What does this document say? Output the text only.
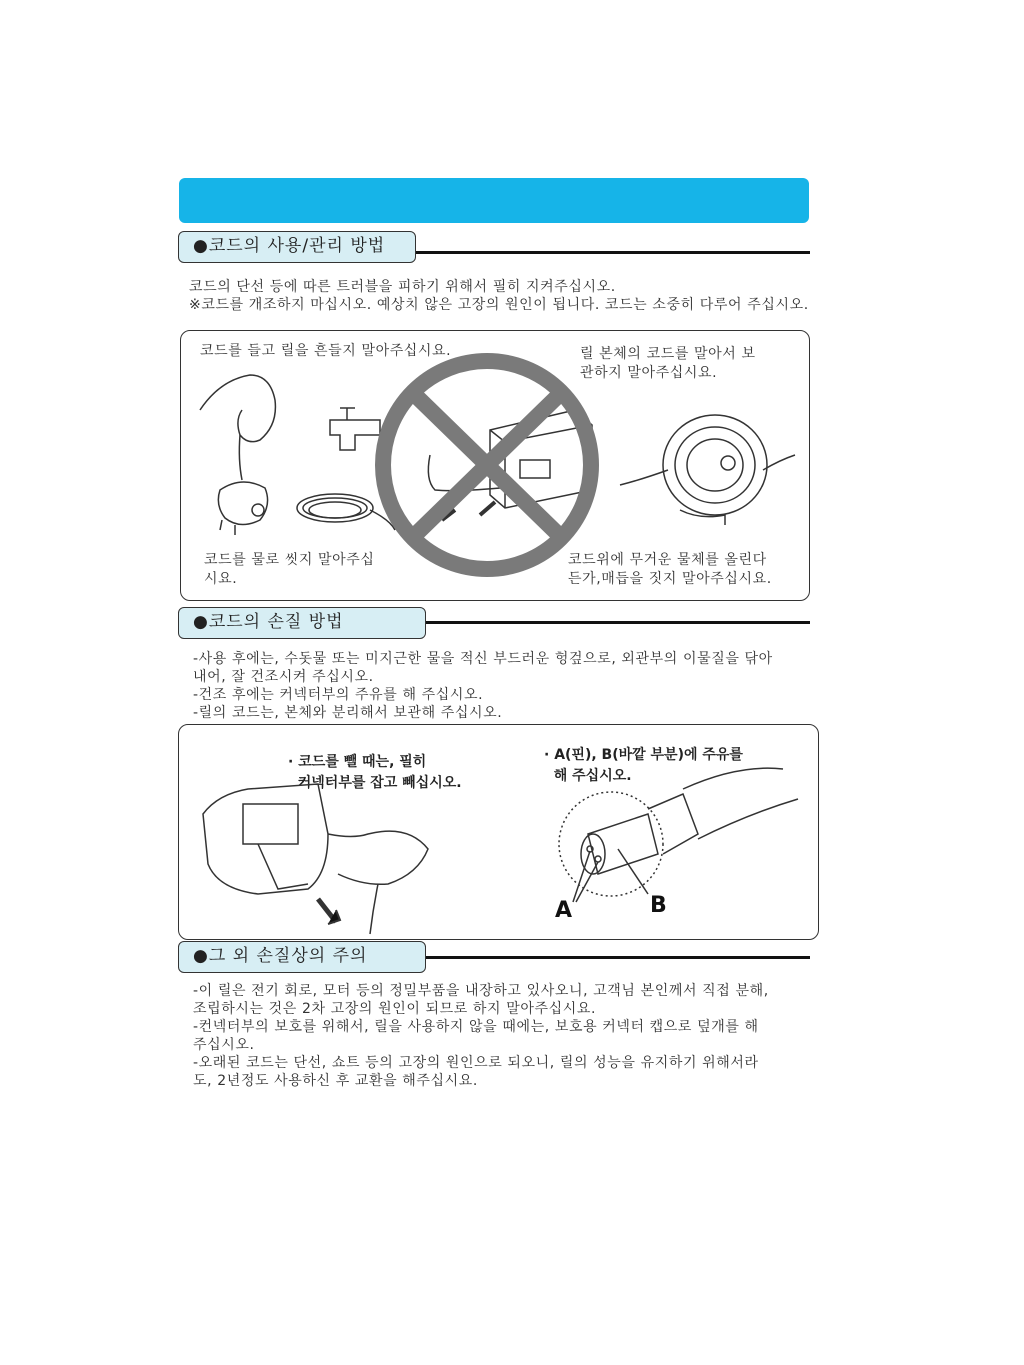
●코드의 사용/관리 방법
코드의 단선 등에 따른 트러블을 피하기 위해서 필히 지켜주십시오.
※코드를 개조하지 마십시오. 예상치 않은 고장의 원인이 됩니다. 코드는 소중히 다루어 주십시오.
코드를 들고 릴을 흔들지 말아주십시요.	릴 본체의 코드를 말아서 보
관하지 말아주십시요.
코드를 물로 씻지 말아주십
시요.
코드위에 무거운 물체를 올린다
든가,매듭을 짓지 말아주십시요.
●코드의 손질 방법
-사용 후에는, 수돗물 또는 미지근한 물을 적신 부드러운 헝겊으로, 외관부의 이물질을 닦아
내어, 잘 건조시켜 주십시오.
-건조 후에는 커넥터부의 주유를 해 주십시오.
-릴의 코드는, 본체와 분리해서 보관해 주십시오.
· 코드를 뺄 때는, 필히
커넥터부를 잡고 빼십시오.
· A(핀), B(바깥 부분)에 주유를
해 주십시오.
A	B
●그 외 손질상의 주의
-이 릴은 전기 회로, 모터 등의 정밀부품을 내장하고 있사오니, 고객님 본인께서 직접 분해,
조립하시는 것은 2차 고장의 원인이 되므로 하지 말아주십시요.
-컨넥터부의 보호를 위해서, 릴을 사용하지 않을 때에는, 보호용 커넥터 캡으로 덮개를 해
주십시오.
-오래된 코드는 단선, 쇼트 등의 고장의 원인으로 되오니, 릴의 성능을 유지하기 위해서라
도, 2년정도 사용하신 후 교환을 해주십시요.
